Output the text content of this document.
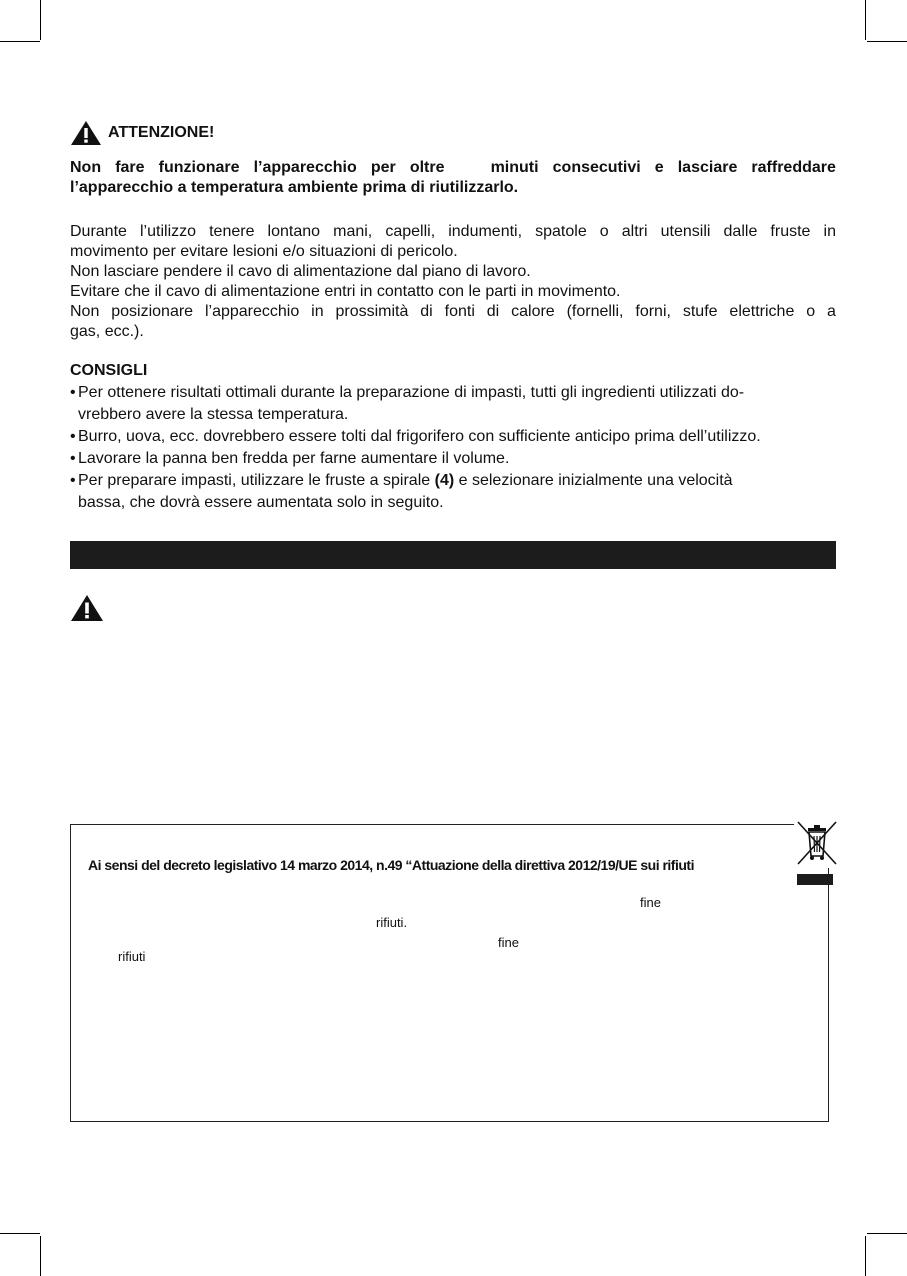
ATTENZIONE!
Non fare funzionare l’apparecchio per oltre	minuti consecutivi e lasciare raffreddare
l’apparecchio a temperatura ambiente prima di riutilizzarlo.
Durante l’utilizzo tenere lontano mani, capelli, indumenti, spatole o altri utensili dalle fruste in
movimento per evitare lesioni e/o situazioni di pericolo.
Non lasciare pendere il cavo di alimentazione dal piano di lavoro.
Evitare che il cavo di alimentazione entri in contatto con le parti in movimento.
Non posizionare l’apparecchio in prossimità di fonti di calore (fornelli, forni, stufe elettriche o a
gas, ecc.).
CONSIGLI
• Per ottenere risultati ottimali durante la preparazione di impasti, tutti gli ingredienti utilizzati do-
vrebbero avere la stessa temperatura.
• Burro, uova, ecc. dovrebbero essere tolti dal frigorifero con sufficiente anticipo prima dell’utilizzo.
• Lavorare la panna ben fredda per farne aumentare il volume.
• Per preparare impasti, utilizzare le fruste a spirale (4) e selezionare inizialmente una velocità
bassa, che dovrà essere aumentata solo in seguito.
Ai sensi del decreto legislativo 14 marzo 2014, n.49 “Attuazione della direttiva 2012/19/UE sui rifiuti
fine
rifiuti.
fine
rifiuti
